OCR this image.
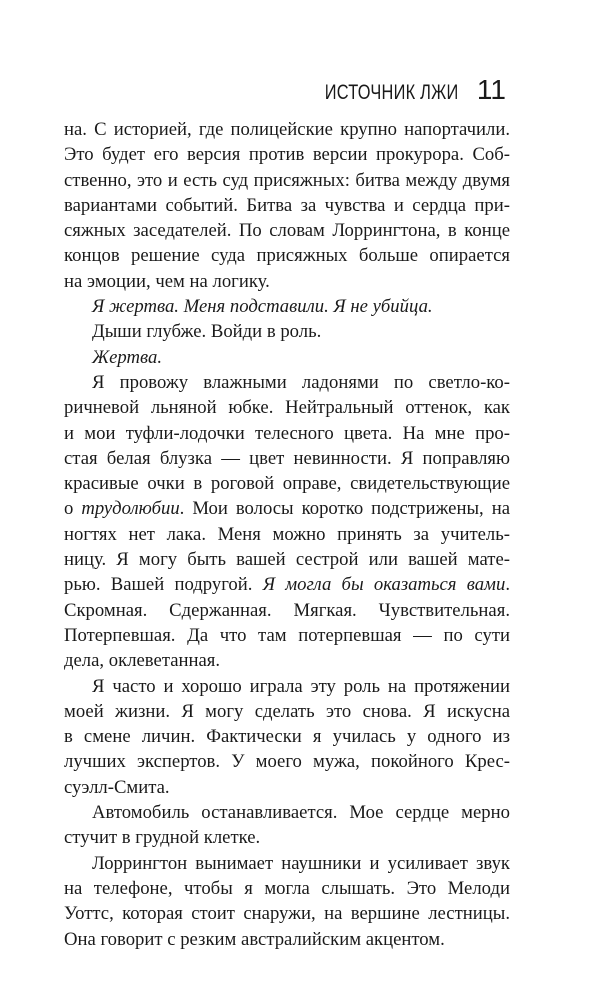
ИСТОЧНИК ЛЖИ 11
на. С историей, где полицейские крупно напортачили.
Это будет его версия против версии прокурора. Соб-
ственно, это и есть суд присяжных: битва между двумя
вариантами событий. Битва за чувства и сердца при-
сяжных заседателей. По словам Лоррингтона, в конце
концов решение суда присяжных больше опирается
на эмоции, чем на логику.
Я жертва. Меня подставили. Я не убийца.
Дыши глубже. Войди в роль.
Жертва.
Я провожу влажными ладонями по светло-ко-
ричневой льняной юбке. Нейтральный оттенок, как
и мои туфли-лодочки телесного цвета. На мне про-
стая белая блузка — цвет невинности. Я поправляю
красивые очки в роговой оправе, свидетельствующие
о трудолюбии. Мои волосы коротко подстрижены, на
ногтях нет лака. Меня можно принять за учитель-
ницу. Я могу быть вашей сестрой или вашей мате-
рью. Вашей подругой. Я могла бы оказаться вами.
Скромная. Сдержанная. Мягкая. Чувствительная.
Потерпевшая. Да что там потерпевшая — по сути
дела, оклеветанная.
Я часто и хорошо играла эту роль на протяжении
моей жизни. Я могу сделать это снова. Я искусна
в смене личин. Фактически я училась у одного из
лучших экспертов. У моего мужа, покойного Крес-
суэлл-Смита.
Автомобиль останавливается. Мое сердце мерно
стучит в грудной клетке.
Лоррингтон вынимает наушники и усиливает звук
на телефоне, чтобы я могла слышать. Это Мелоди
Уоттс, которая стоит снаружи, на вершине лестницы.
Она говорит с резким австралийским акцентом.
